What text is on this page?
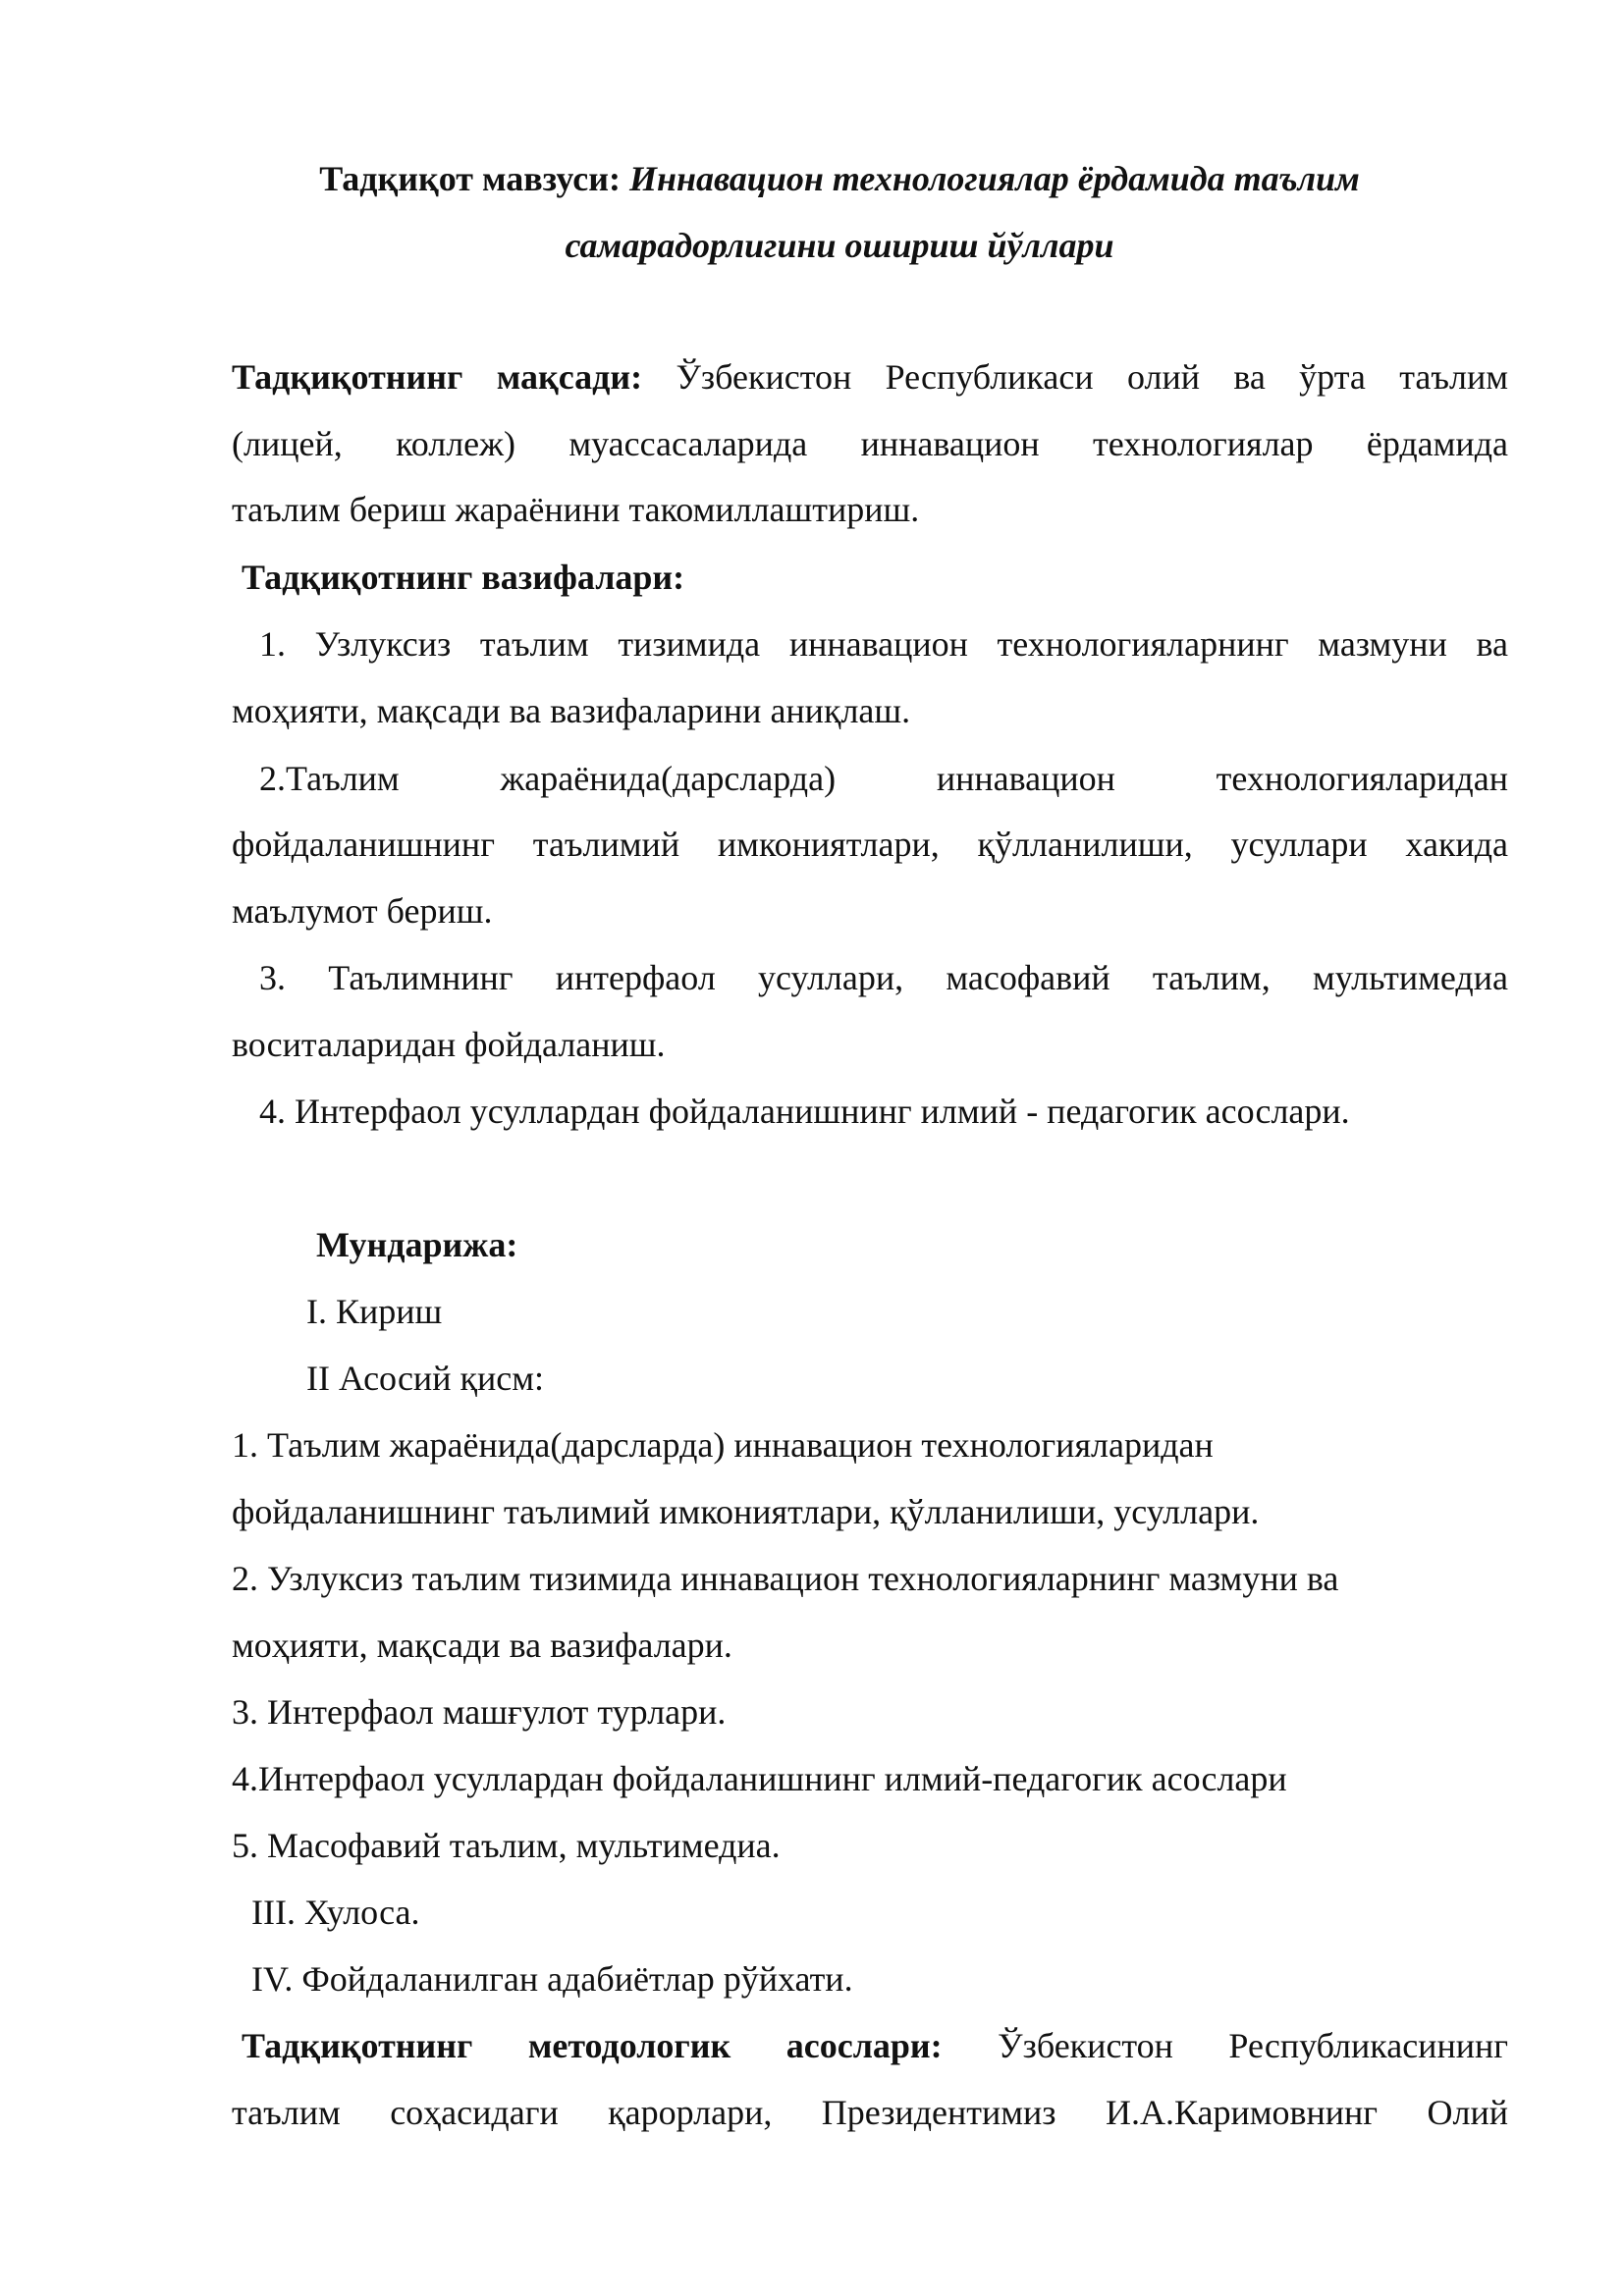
Тадқиқот мавзуси: Иннавацион технологиялар ёрдамида таълим
самарадорлигини ошириш йўллари
Тадқиқотнинг мақсади: Ўзбекистон Республикаси олий ва ўрта таълим
(лицей, коллеж) муассасаларида иннавацион технологиялар ёрдамида
таълим бериш жараёнини такомиллаштириш.
Тадқиқотнинг вазифалари:
1. Узлуксиз таълим тизимида иннавацион технологияларнинг мазмуни ва
моҳияти, мақсади ва вазифаларини аниқлаш.
2.Таълим жараёнида(дарсларда) иннавацион технологияларидан
фойдаланишнинг таълимий имкониятлари, қўлланилиши, усуллари хакида
маълумот бериш.
3. Таълимнинг интерфаол усуллари, масофавий таълим, мультимедиа
воситаларидан фойдаланиш.
4. Интерфаол усуллардан фойдаланишнинг илмий - педагогик асослари.
Мундарижа:
I. Кириш
II Асосий қисм:
1. Таълим жараёнида(дарсларда) иннавацион технологияларидан
фойдаланишнинг таълимий имкониятлари, қўлланилиши, усуллари.
2. Узлуксиз таълим тизимида иннавацион технологияларнинг мазмуни ва
моҳияти, мақсади ва вазифалари.
3. Интерфаол машғулот турлари.
4.Интерфаол усуллардан фойдаланишнинг илмий-педагогик асослари
5. Масофавий таълим, мультимедиа.
III. Хулоса.
IV. Фойдаланилган адабиётлар рўйхати.
Тадқиқотнинг методологик асослари: Ўзбекистон Республикасининг
таълим соҳасидаги қарорлари, Президентимиз И.А.Каримовнинг Олий
